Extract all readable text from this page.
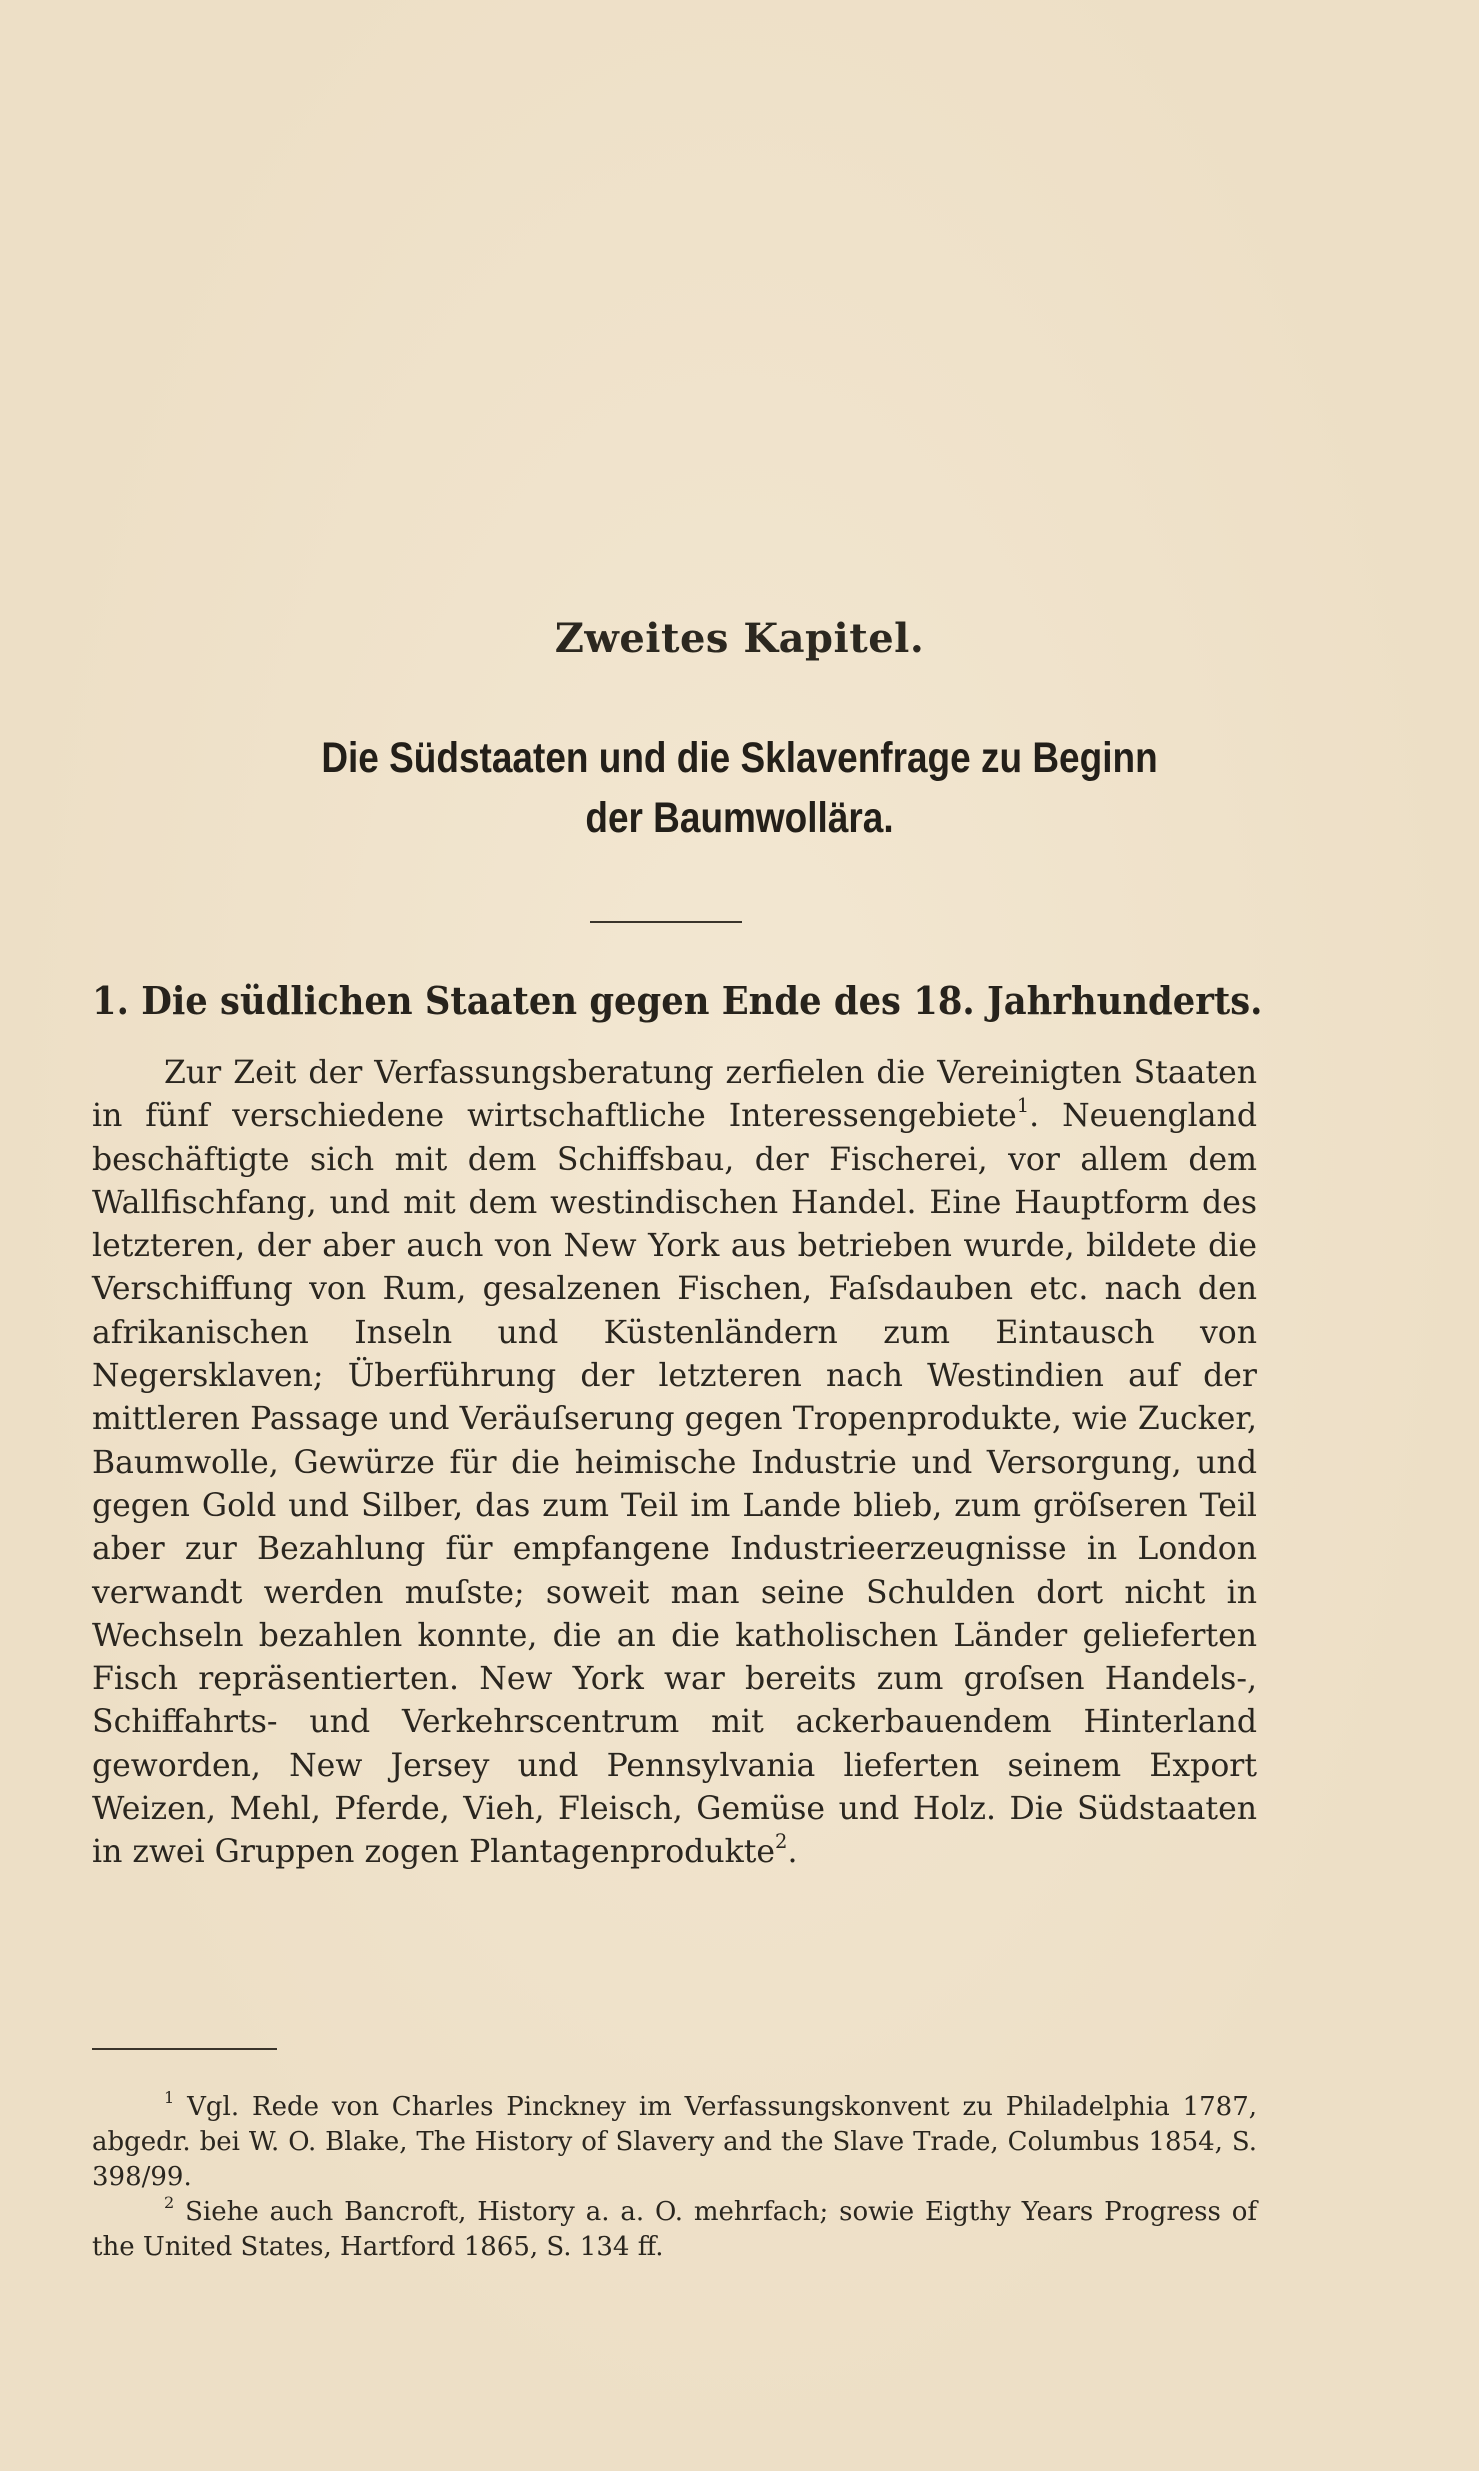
Zweites Kapitel.
Die Südstaaten und die Sklavenfrage zu Beginn
der Baumwollära.
1. Die südlichen Staaten gegen Ende des 18. Jahrhunderts.

Zur Zeit der Verfassungsberatung zerfielen die Vereinigten Staaten in fünf verschiedene wirtschaftliche Interessengebiete$^1$. Neuengland beschäftigte sich mit dem Schiffsbau, der Fischerei, vor allem dem Wallfischfang, und mit dem westindischen Handel. Eine Hauptform des letzteren, der aber auch von New York aus betrieben wurde, bildete die Verschiffung von Rum, gesalzenen Fischen, Faſsdauben etc. nach den afrikanischen Inseln und Küstenländern zum Eintausch von Negersklaven; Überführung der letzteren nach Westindien auf der mittleren Passage und Veräuſserung gegen Tropenprodukte, wie Zucker, Baumwolle, Gewürze für die heimische Industrie und Versorgung, und gegen Gold und Silber, das zum Teil im Lande blieb, zum gröſseren Teil aber zur Bezahlung für empfangene Industrieerzeugnisse in London verwandt werden muſste; soweit man seine Schulden dort nicht in Wechseln bezahlen konnte, die an die katholischen Länder gelieferten Fisch repräsentierten. New York war bereits zum groſsen Handels-, Schiffahrts- und Verkehrscentrum mit ackerbauendem Hinterland geworden, New Jersey und Pennsylvania lieferten seinem Export Weizen, Mehl, Pferde, Vieh, Fleisch, Gemüse und Holz. Die Südstaaten in zwei Gruppen zogen Plantagenprodukte$^2$.

$^1$ Vgl. Rede von Charles Pinckney im Verfassungskonvent zu Philadelphia 1787, abgedr. bei W. O. Blake, The History of Slavery and the Slave Trade, Columbus 1854, S. 398/99.

$^2$ Siehe auch Bancroft, History a. a. O. mehrfach; sowie Eigthy Years Progress of the United States, Hartford 1865, S. 134 ff.
